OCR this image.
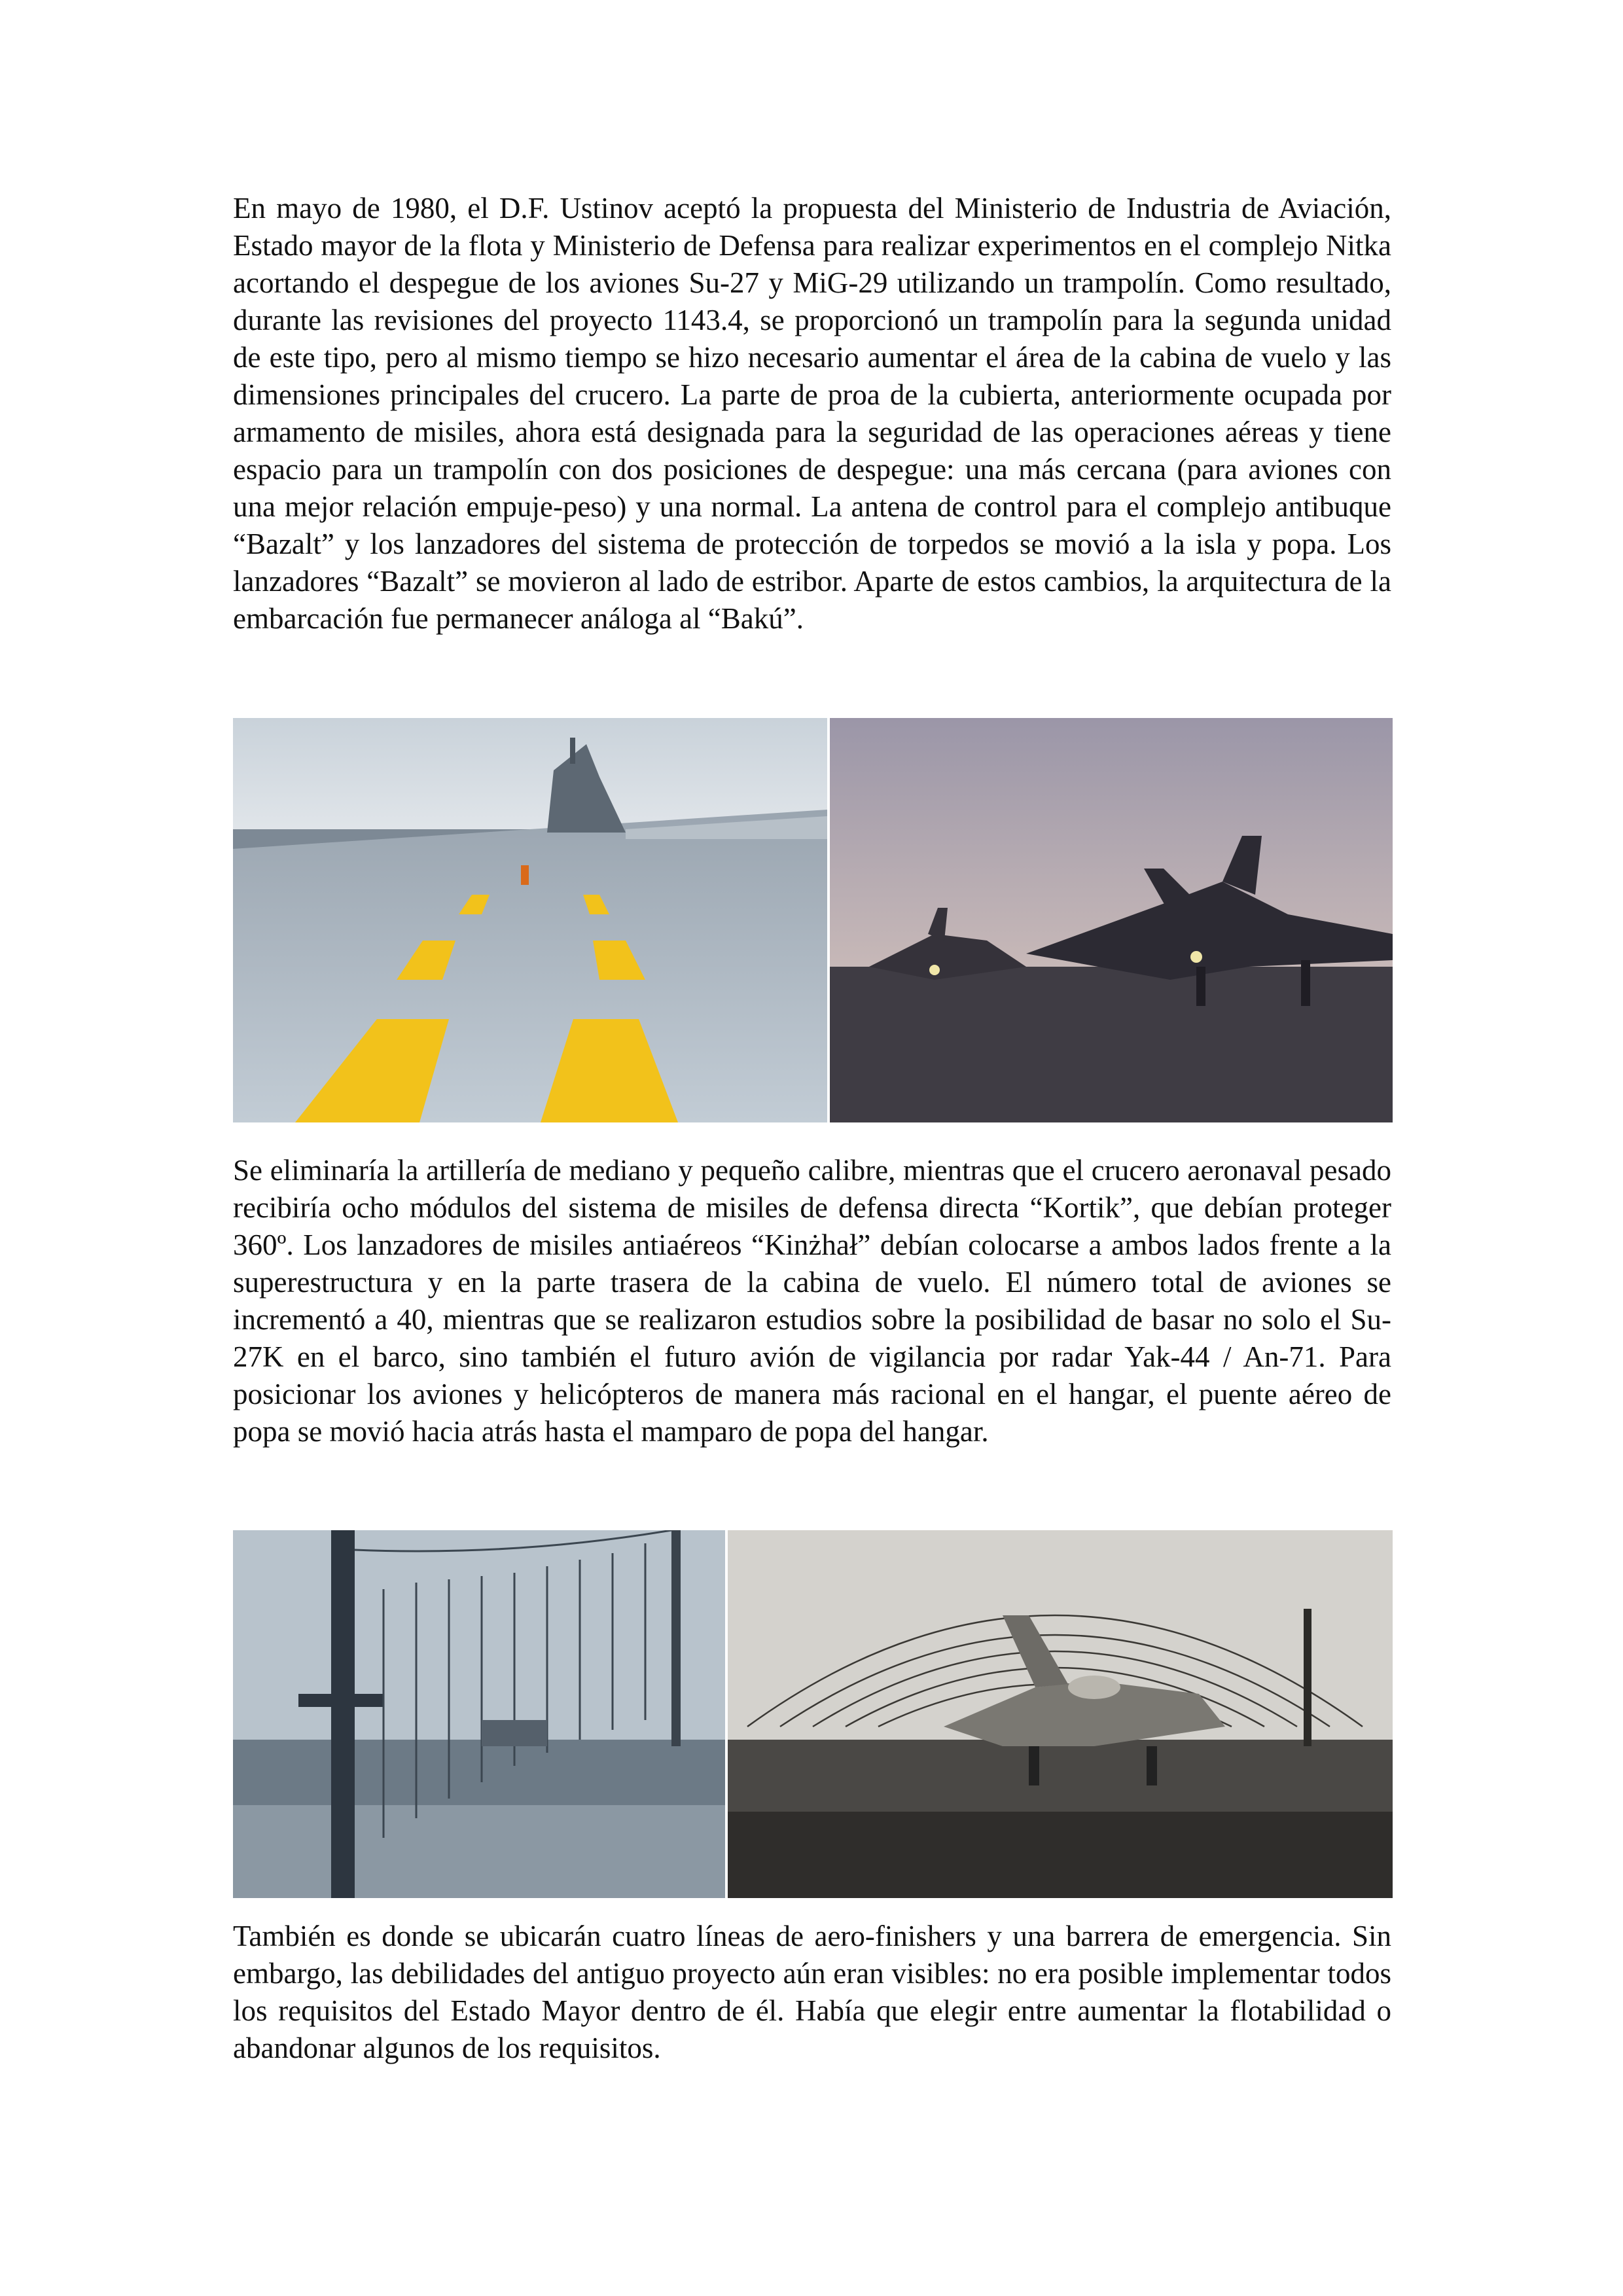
En mayo de 1980, el D.F. Ustinov aceptó la propuesta del Ministerio de Industria de Aviación, Estado mayor de la flota y Ministerio de Defensa para realizar experimentos en el complejo Nitka acortando el despegue de los aviones Su-27 y MiG-29 utilizando un trampolín. Como resultado, durante las revisiones del proyecto 1143.4, se proporcionó un trampolín para la segunda unidad de este tipo, pero al mismo tiempo se hizo necesario aumentar el área de la cabina de vuelo y las dimensiones principales del crucero. La parte de proa de la cubierta, anteriormente ocupada por armamento de misiles, ahora está designada para la seguridad de las operaciones aéreas y tiene espacio para un trampolín con dos posiciones de despegue: una más cercana (para aviones con una mejor relación empuje-peso) y una normal. La antena de control para el complejo antibuque “Bazalt” y los lanzadores del sistema de protección de torpedos se movió a la isla y popa. Los lanzadores “Bazalt” se movieron al lado de estribor. Aparte de estos cambios, la arquitectura de la embarcación fue permanecer análoga al “Bakú”.

Se eliminaría la artillería de mediano y pequeño calibre, mientras que el crucero aeronaval pesado recibiría ocho módulos del sistema de misiles de defensa directa “Kortik”, que debían proteger 360º. Los lanzadores de misiles antiaéreos “Kinżhał” debían colocarse a ambos lados frente a la superestructura y en la parte trasera de la cabina de vuelo. El número total de aviones se incrementó a 40, mientras que se realizaron estudios sobre la posibilidad de basar no solo el Su-27K en el barco, sino también el futuro avión de vigilancia por radar Yak-44 / An-71. Para posicionar los aviones y helicópteros de manera más racional en el hangar, el puente aéreo de popa se movió hacia atrás hasta el mamparo de popa del hangar.

También es donde se ubicarán cuatro líneas de aero-finishers y una barrera de emergencia. Sin embargo, las debilidades del antiguo proyecto aún eran visibles: no era posible implementar todos los requisitos del Estado Mayor dentro de él. Había que elegir entre aumentar la flotabilidad o abandonar algunos de los requisitos.
